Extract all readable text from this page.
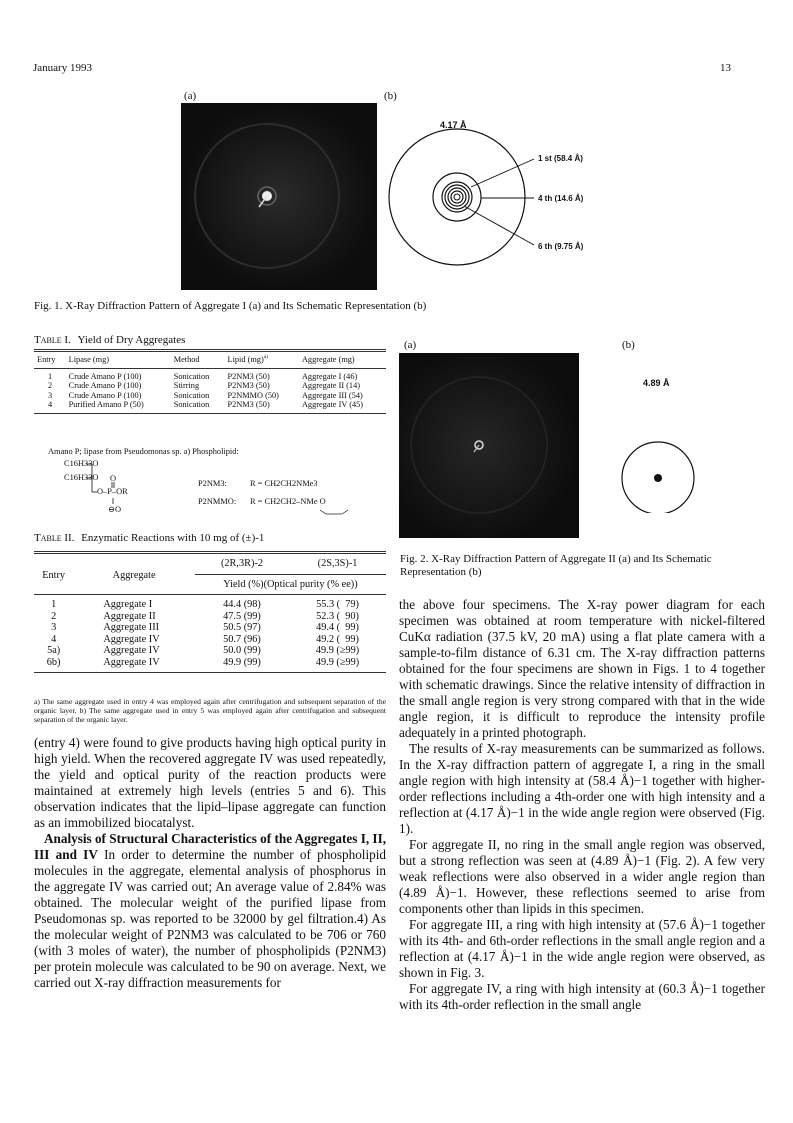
January 1993	13
(a)	(b)
4.17 Å
1 st (58.4 Å)
4 th (14.6 Å)
6 th (9.75 Å)
Fig. 1. X-Ray Diffraction Pattern of Aggregate I (a) and Its Schematic Representation (b)
Table I. Yield of Dry Aggregates
Entry	Lipase (mg)	Method	Lipid (mg)$^{a)}$	Aggregate (mg)
1	Crude Amano P (100)	Sonication	P2NM3 (50)	Aggregate I (46)
2	Crude Amano P (100)	Stirring	P2NM3 (50)	Aggregate II (14)
3	Crude Amano P (100)	Sonication	P2NMMO (50)	Aggregate III (54)
4	Purified Amano P (50)	Sonication	P2NM3 (50)	Aggregate IV (45)
Amano P; lipase from Pseudomonas sp. a) Phospholipid:
C16H33O
C16H33O O
O–P–OR
⊖O
P2NM3:	R = CH2CH2NMe3
P2NMMO: R = CH2CH2–NMe O
Table II. Enzymatic Reactions with 10 mg of (±)-1
Entry	Aggregate	(2R,3R)-2	(2S,3S)-1
		Yield (%)(Optical purity (% ee))	
1	Aggregate I	44.4 (98)	55.3 (  79)
2	Aggregate II	47.5 (99)	52.3 (  90)
3	Aggregate III	50.5 (97)	49.4 (  99)
4	Aggregate IV	50.7 (96)	49.2 (  99)
5a)	Aggregate IV	50.0 (99)	49.9 (≥99)
6b)	Aggregate IV	49.9 (99)	49.9 (≥99)
a) The same aggregate used in entry 4 was employed again after centrifugation and subsequent separation of the organic layer. b) The same aggregate used in entry 5 was employed again after centrifugation and subsequent separation of the organic layer.
(a)	(b)
4.89 Å
Fig. 2. X-Ray Diffraction Pattern of Aggregate II (a) and Its Schematic Representation (b)

(entry 4) were found to give products having high optical purity in high yield. When the recovered aggregate IV was used repeatedly, the yield and optical purity of the reaction products were maintained at extremely high levels (entries 5 and 6). This observation indicates that the lipid–lipase aggregate can function as an immobilized biocatalyst.

Analysis of Structural Characteristics of the Aggregates I, II, III and IV In order to determine the number of phospholipid molecules in the aggregate, elemental analysis of phosphorus in the aggregate IV was carried out; An average value of 2.84% was obtained. The molecular weight of the purified lipase from Pseudomonas sp. was reported to be 32000 by gel filtration.4) As the molecular weight of P2NM3 was calculated to be 706 or 760 (with 3 moles of water), the number of phospholipids (P2NM3) per protein molecule was calculated to be 90 on average. Next, we carried out X-ray diffraction measurements for

the above four specimens. The X-ray power diagram for each specimen was obtained at room temperature with nickel-filtered CuKα radiation (37.5 kV, 20 mA) using a flat plate camera with a sample-to-film distance of 6.31 cm. The X-ray diffraction patterns obtained for the four specimens are shown in Figs. 1 to 4 together with schematic drawings. Since the relative intensity of diffraction in the small angle region is very strong compared with that in the wide angle region, it is difficult to reproduce the intensity profile adequately in a printed photograph.

The results of X-ray measurements can be summarized as follows. In the X-ray diffraction pattern of aggregate I, a ring in the small angle region with high intensity at (58.4 Å)−1 together with higher-order reflections including a 4th-order one with high intensity and a reflection at (4.17 Å)−1 in the wide angle region were observed (Fig. 1).

For aggregate II, no ring in the small angle region was observed, but a strong reflection was seen at (4.89 Å)−1 (Fig. 2). A few very weak reflections were also observed in a wider angle region than (4.89 Å)−1. However, these reflections seemed to arise from components other than lipids in this specimen.

For aggregate III, a ring with high intensity at (57.6 Å)−1 together with its 4th- and 6th-order reflections in the small angle region and a reflection at (4.17 Å)−1 in the wide angle region were observed, as shown in Fig. 3.

For aggregate IV, a ring with high intensity at (60.3 Å)−1 together with its 4th-order reflection in the small angle
